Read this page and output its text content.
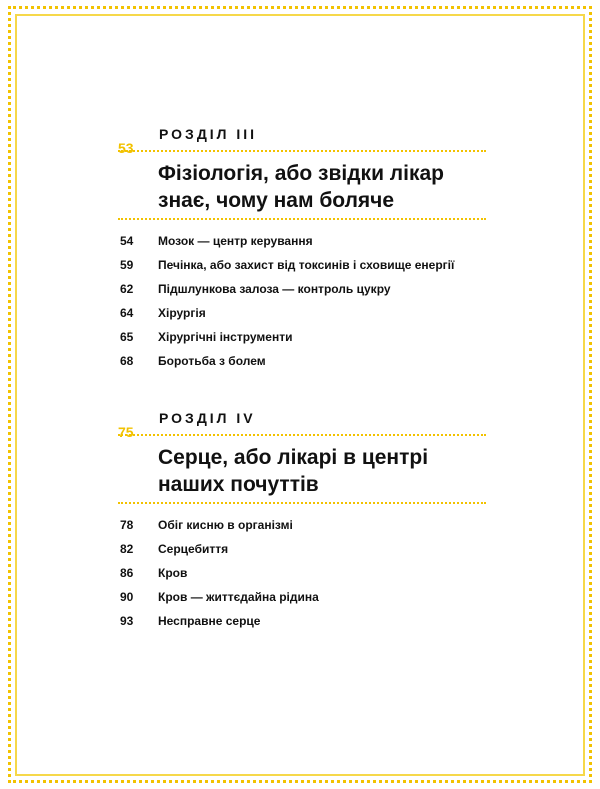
РОЗДІЛ III
53
Фізіологія, або звідки лікар знає, чому нам боляче
54	Мозок — центр керування
59	Печінка, або захист від токсинів і сховище енергії
62	Підшлункова залоза — контроль цукру
64	Хірургія
65	Хірургічні інструменти
68	Боротьба з болем
РОЗДІЛ IV
75
Серце, або лікарі в центрі наших почуттів
78	Обіг кисню в організмі
82	Серцебиття
86	Кров
90	Кров — життєдайна рідина
93	Несправне серце
